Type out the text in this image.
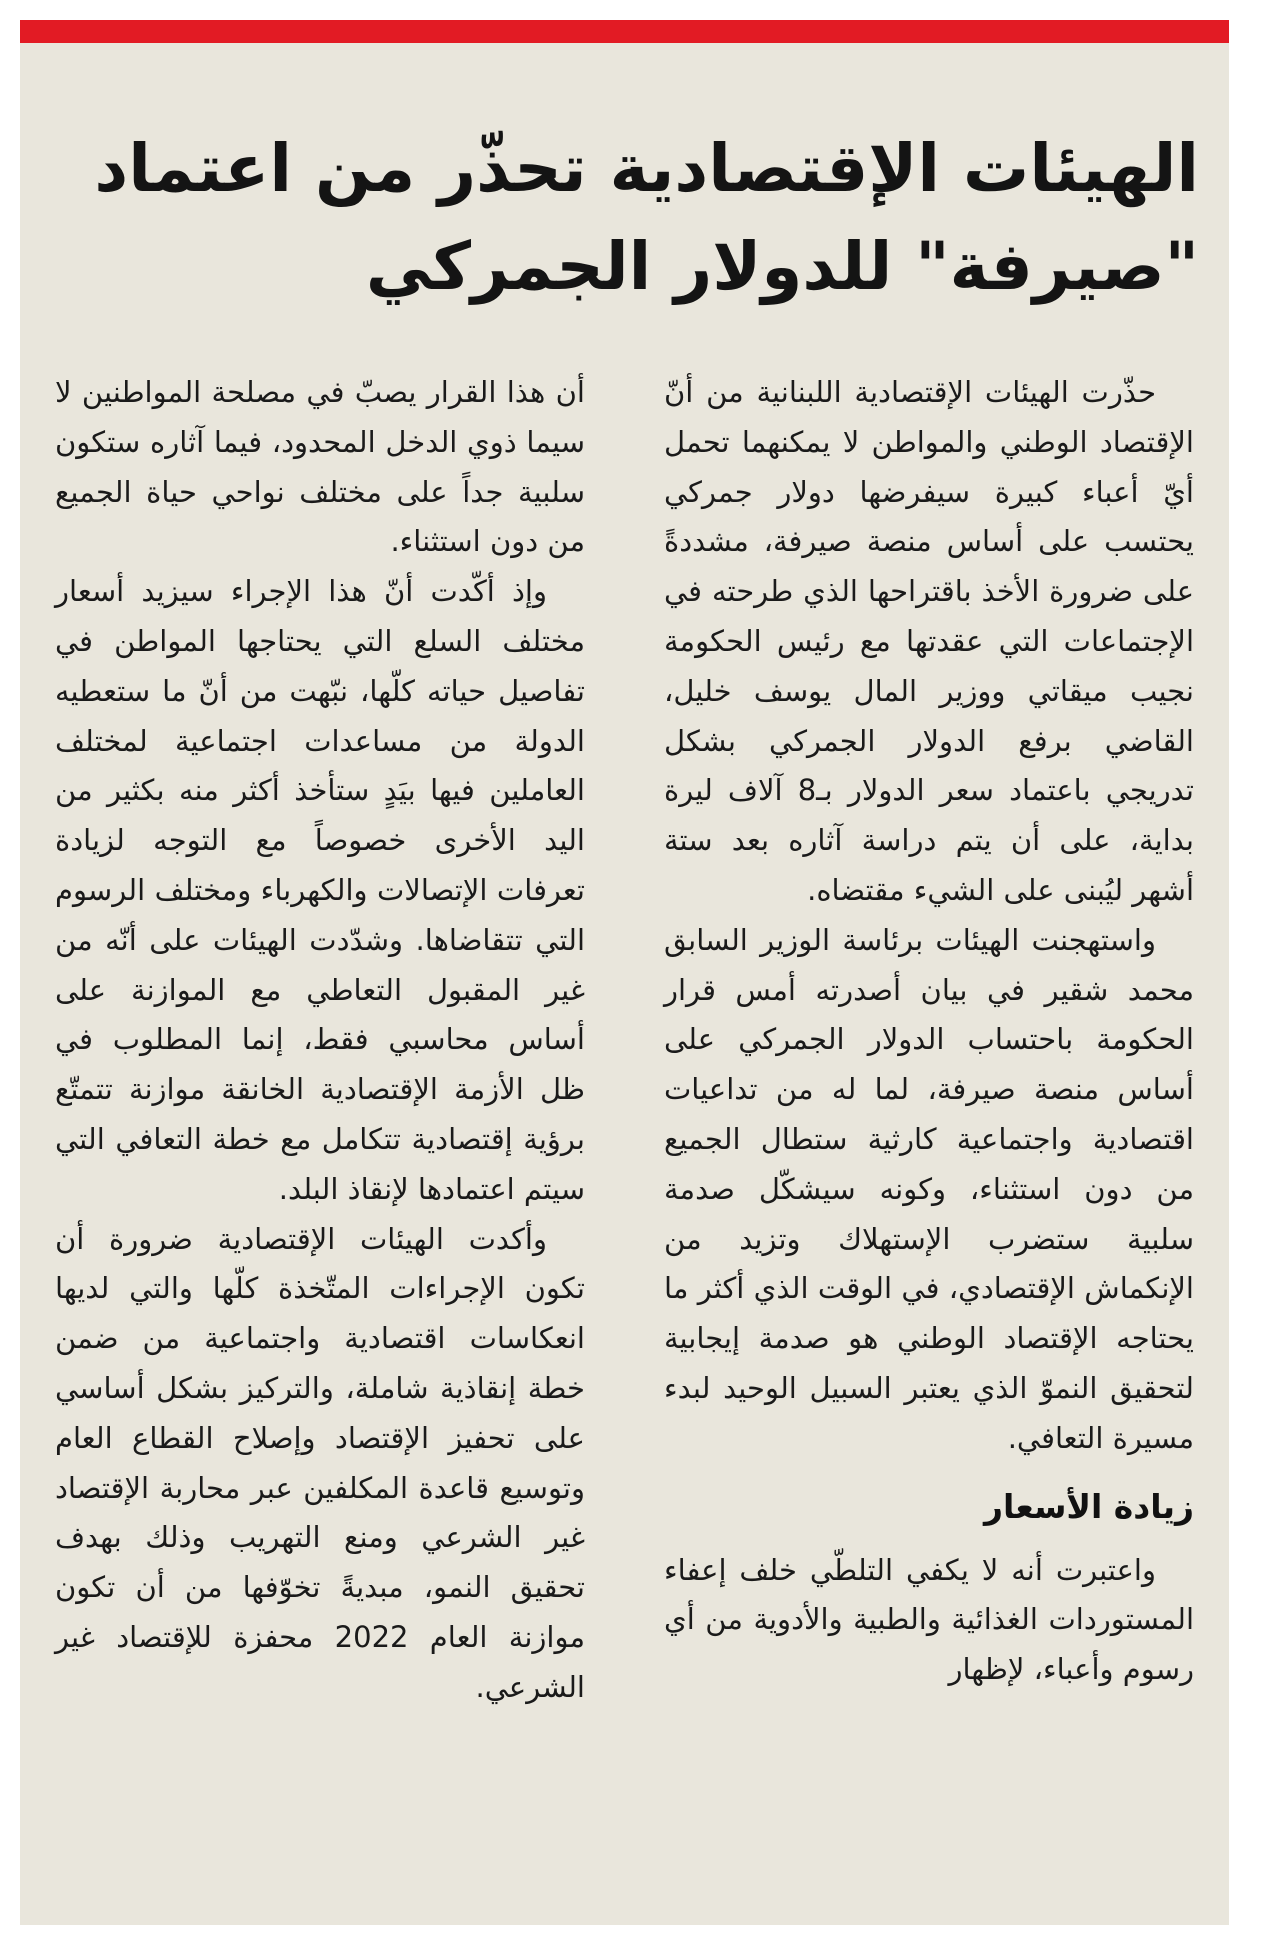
الهيئات الإقتصادية تحذّر من اعتماد
"صيرفة" للدولار الجمركي

حذّرت الهيئات الإقتصادية اللبنانية من أنّ الإقتصاد الوطني والمواطن لا يمكنهما تحمل أيّ أعباء كبيرة سيفرضها دولار جمركي يحتسب على أساس منصة صيرفة، مشددةً على ضرورة الأخذ باقتراحها الذي طرحته في الإجتماعات التي عقدتها مع رئيس الحكومة نجيب ميقاتي ووزير المال يوسف خليل، القاضي برفع الدولار الجمركي بشكل تدريجي باعتماد سعر الدولار بـ8 آلاف ليرة بداية، على أن يتم دراسة آثاره بعد ستة أشهر ليُبنى على الشيء مقتضاه.

واستهجنت الهيئات برئاسة الوزير السابق محمد شقير في بيان أصدرته أمس قرار الحكومة باحتساب الدولار الجمركي على أساس منصة صيرفة، لما له من تداعيات اقتصادية واجتماعية كارثية ستطال الجميع من دون استثناء، وكونه سيشكّل صدمة سلبية ستضرب الإستهلاك وتزيد من الإنكماش الإقتصادي، في الوقت الذي أكثر ما يحتاجه الإقتصاد الوطني هو صدمة إيجابية لتحقيق النموّ الذي يعتبر السبيل الوحيد لبدء مسيرة التعافي.

زيادة الأسعار

واعتبرت أنه لا يكفي التلطّي خلف إعفاء المستوردات الغذائية والطبية والأدوية من أي رسوم وأعباء، لإظهار

أن هذا القرار يصبّ في مصلحة المواطنين لا سيما ذوي الدخل المحدود، فيما آثاره ستكون سلبية جداً على مختلف نواحي حياة الجميع من دون استثناء.

وإذ أكّدت أنّ هذا الإجراء سيزيد أسعار مختلف السلع التي يحتاجها المواطن في تفاصيل حياته كلّها، نبّهت من أنّ ما ستعطيه الدولة من مساعدات اجتماعية لمختلف العاملين فيها بيَدٍ ستأخذ أكثر منه بكثير من اليد الأخرى خصوصاً مع التوجه لزيادة تعرفات الإتصالات والكهرباء ومختلف الرسوم التي تتقاضاها. وشدّدت الهيئات على أنّه من غير المقبول التعاطي مع الموازنة على أساس محاسبي فقط، إنما المطلوب في ظل الأزمة الإقتصادية الخانقة موازنة تتمتّع برؤية إقتصادية تتكامل مع خطة التعافي التي سيتم اعتمادها لإنقاذ البلد.

وأكدت الهيئات الإقتصادية ضرورة أن تكون الإجراءات المتّخذة كلّها والتي لديها انعكاسات اقتصادية واجتماعية من ضمن خطة إنقاذية شاملة، والتركيز بشكل أساسي على تحفيز الإقتصاد وإصلاح القطاع العام وتوسيع قاعدة المكلفين عبر محاربة الإقتصاد غير الشرعي ومنع التهريب وذلك بهدف تحقيق النمو، مبديةً تخوّفها من أن تكون موازنة العام 2022 محفزة للإقتصاد غير الشرعي.
